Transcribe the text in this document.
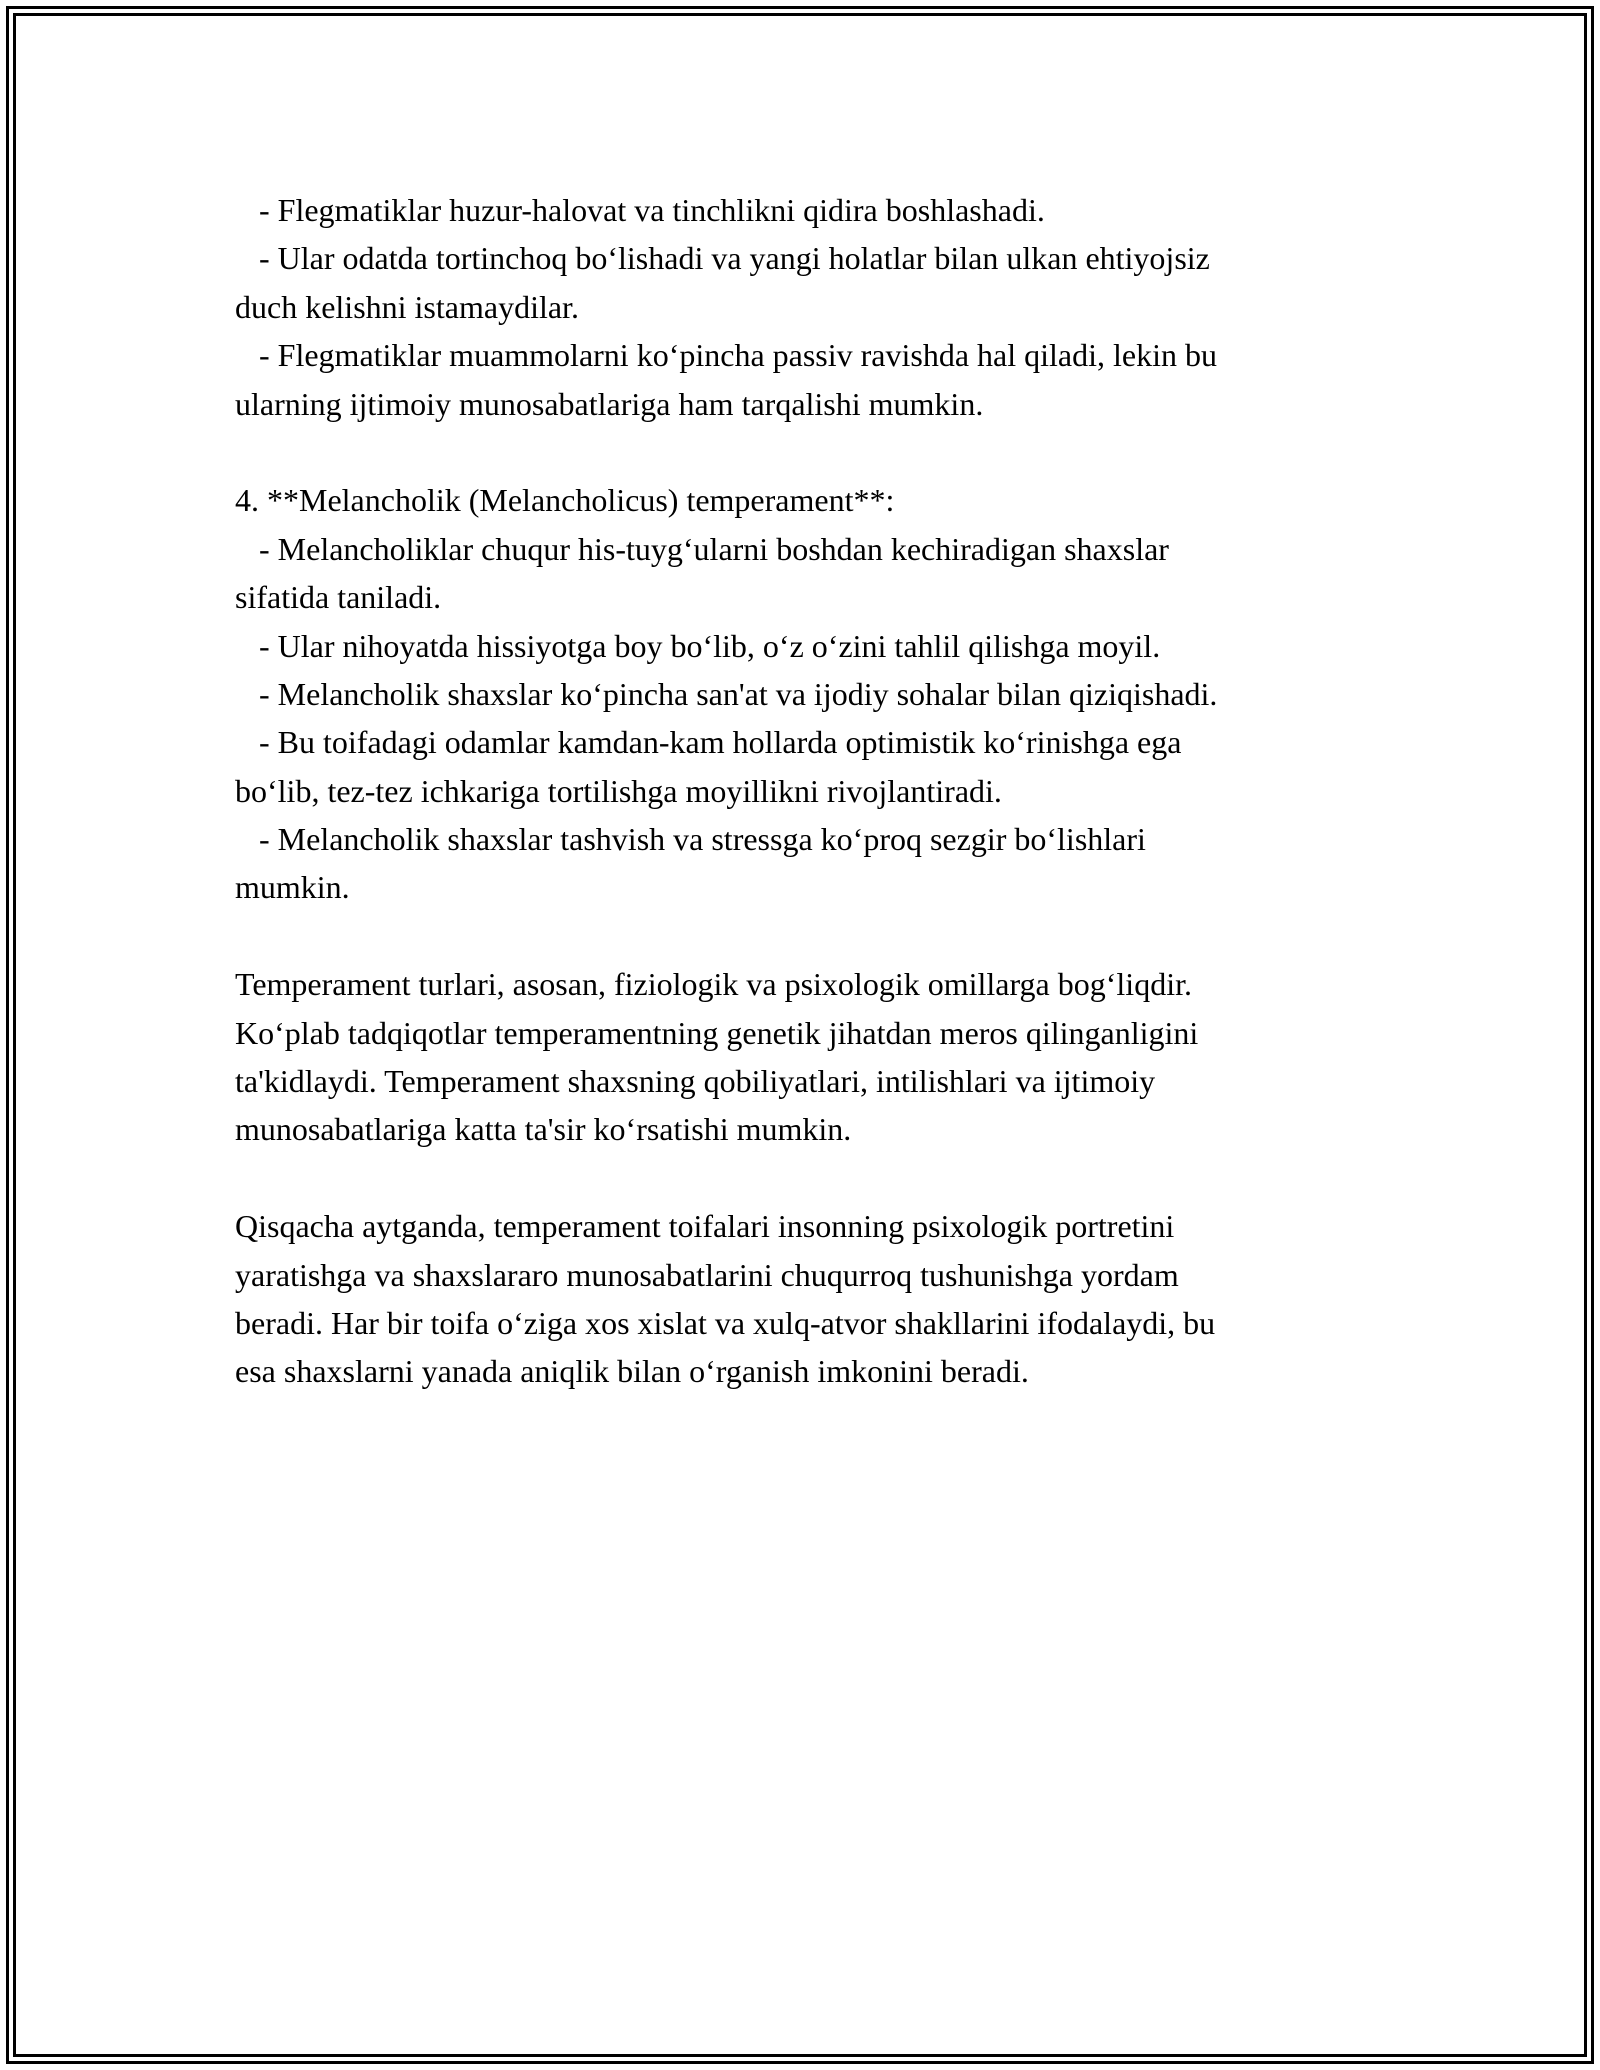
- Flegmatiklar huzur-halovat va tinchlikni qidira boshlashadi.
- Ular odatda tortinchoq bo‘lishadi va yangi holatlar bilan ulkan ehtiyojsiz
duch kelishni istamaydilar.
- Flegmatiklar muammolarni ko‘pincha passiv ravishda hal qiladi, lekin bu
ularning ijtimoiy munosabatlariga ham tarqalishi mumkin.
4. **Melancholik (Melancholicus) temperament**:
- Melancholiklar chuqur his-tuyg‘ularni boshdan kechiradigan shaxslar
sifatida taniladi.
- Ular nihoyatda hissiyotga boy bo‘lib, o‘z o‘zini tahlil qilishga moyil.
- Melancholik shaxslar ko‘pincha san'at va ijodiy sohalar bilan qiziqishadi.
- Bu toifadagi odamlar kamdan-kam hollarda optimistik ko‘rinishga ega
bo‘lib, tez-tez ichkariga tortilishga moyillikni rivojlantiradi.
- Melancholik shaxslar tashvish va stressga ko‘proq sezgir bo‘lishlari
mumkin.
Temperament turlari, asosan, fiziologik va psixologik omillarga bog‘liqdir.
Ko‘plab tadqiqotlar temperamentning genetik jihatdan meros qilinganligini
ta'kidlaydi. Temperament shaxsning qobiliyatlari, intilishlari va ijtimoiy
munosabatlariga katta ta'sir ko‘rsatishi mumkin.
Qisqacha aytganda, temperament toifalari insonning psixologik portretini
yaratishga va shaxslararo munosabatlarini chuqurroq tushunishga yordam
beradi. Har bir toifa o‘ziga xos xislat va xulq-atvor shakllarini ifodalaydi, bu
esa shaxslarni yanada aniqlik bilan o‘rganish imkonini beradi.
